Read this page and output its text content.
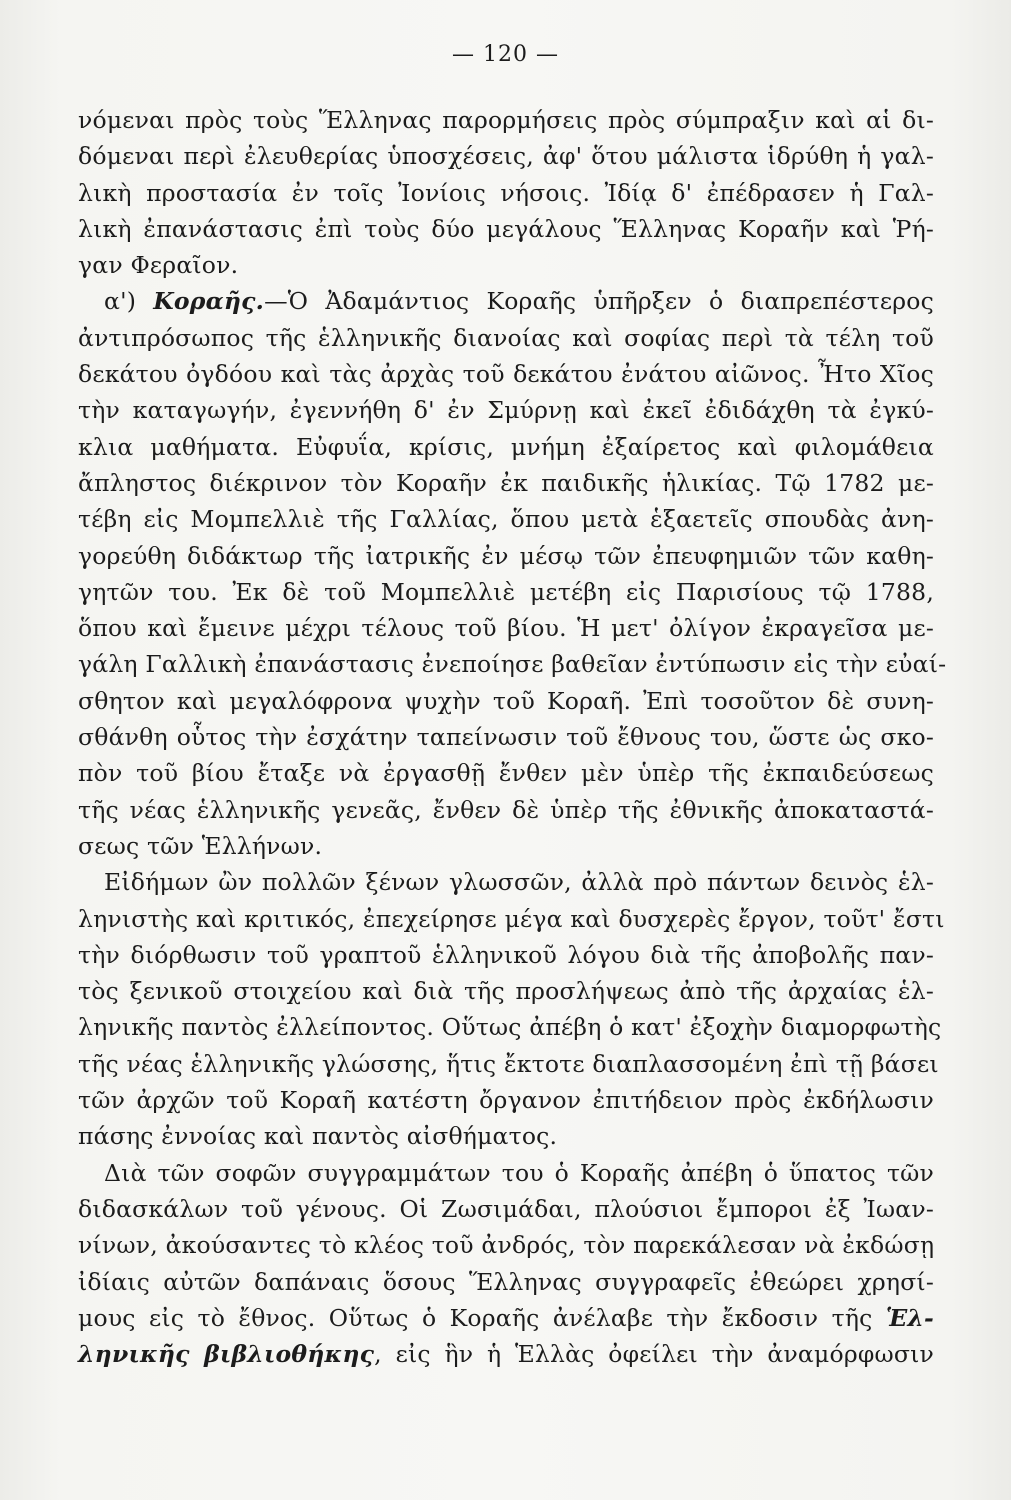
— 120 —
νόμεναι πρὸς τοὺς Ἕλληνας παρορμήσεις πρὸς σύμπραξιν καὶ αἱ δι-
δόμεναι περὶ ἐλευθερίας ὑποσχέσεις, ἀφ' ὅτου μάλιστα ἱδρύθη ἡ γαλ-
λικὴ προστασία ἐν τοῖς Ἰονίοις νήσοις. Ἰδίᾳ δ' ἐπέδρασεν ἡ Γαλ-
λικὴ ἐπανάστασις ἐπὶ τοὺς δύο μεγάλους Ἕλληνας Κοραῆν καὶ Ῥή-
γαν Φεραῖον.
α') Κοραῆς.—Ὁ Ἀδαμάντιος Κοραῆς ὑπῆρξεν ὁ διαπρεπέστερος
ἀντιπρόσωπος τῆς ἑλληνικῆς διανοίας καὶ σοφίας περὶ τὰ τέλη τοῦ
δεκάτου ὀγδόου καὶ τὰς ἀρχὰς τοῦ δεκάτου ἐνάτου αἰῶνος. Ἦτο Χῖος
τὴν καταγωγήν, ἐγεννήθη δ' ἐν Σμύρνῃ καὶ ἐκεῖ ἐδιδάχθη τὰ ἐγκύ-
κλια μαθήματα. Εὐφυΐα, κρίσις, μνήμη ἐξαίρετος καὶ φιλομάθεια
ἄπληστος διέκρινον τὸν Κοραῆν ἐκ παιδικῆς ἡλικίας. Τῷ 1782 με-
τέβη εἰς Μομπελλιὲ τῆς Γαλλίας, ὅπου μετὰ ἑξαετεῖς σπουδὰς ἀνη-
γορεύθη διδάκτωρ τῆς ἰατρικῆς ἐν μέσῳ τῶν ἐπευφημιῶν τῶν καθη-
γητῶν του. Ἐκ δὲ τοῦ Μομπελλιὲ μετέβη εἰς Παρισίους τῷ 1788,
ὅπου καὶ ἔμεινε μέχρι τέλους τοῦ βίου. Ἡ μετ' ὀλίγον ἐκραγεῖσα με-
γάλη Γαλλικὴ ἐπανάστασις ἐνεποίησε βαθεῖαν ἐντύπωσιν εἰς τὴν εὐαί-
σθητον καὶ μεγαλόφρονα ψυχὴν τοῦ Κοραῆ. Ἐπὶ τοσοῦτον δὲ συνη-
σθάνθη οὗτος τὴν ἐσχάτην ταπείνωσιν τοῦ ἔθνους του, ὥστε ὡς σκο-
πὸν τοῦ βίου ἔταξε νὰ ἐργασθῇ ἔνθεν μὲν ὑπὲρ τῆς ἐκπαιδεύσεως
τῆς νέας ἑλληνικῆς γενεᾶς, ἔνθεν δὲ ὑπὲρ τῆς ἐθνικῆς ἀποκαταστά-
σεως τῶν Ἑλλήνων.
Εἰδήμων ὢν πολλῶν ξένων γλωσσῶν, ἀλλὰ πρὸ πάντων δεινὸς ἑλ-
ληνιστὴς καὶ κριτικός, ἐπεχείρησε μέγα καὶ δυσχερὲς ἔργον, τοῦτ' ἔστι
τὴν διόρθωσιν τοῦ γραπτοῦ ἑλληνικοῦ λόγου διὰ τῆς ἀποβολῆς παν-
τὸς ξενικοῦ στοιχείου καὶ διὰ τῆς προσλήψεως ἀπὸ τῆς ἀρχαίας ἑλ-
ληνικῆς παντὸς ἐλλείποντος. Οὕτως ἀπέβη ὁ κατ' ἐξοχὴν διαμορφωτὴς
τῆς νέας ἑλληνικῆς γλώσσης, ἥτις ἔκτοτε διαπλασσομένη ἐπὶ τῇ βάσει
τῶν ἀρχῶν τοῦ Κοραῆ κατέστη ὄργανον ἐπιτήδειον πρὸς ἐκδήλωσιν
πάσης ἐννοίας καὶ παντὸς αἰσθήματος.
Διὰ τῶν σοφῶν συγγραμμάτων του ὁ Κοραῆς ἀπέβη ὁ ὕπατος τῶν
διδασκάλων τοῦ γένους. Οἱ Ζωσιμάδαι, πλούσιοι ἔμποροι ἐξ Ἰωαν-
νίνων, ἀκούσαντες τὸ κλέος τοῦ ἀνδρός, τὸν παρεκάλεσαν νὰ ἐκδώσῃ
ἰδίαις αὐτῶν δαπάναις ὅσους Ἕλληνας συγγραφεῖς ἐθεώρει χρησί-
μους εἰς τὸ ἔθνος. Οὕτως ὁ Κοραῆς ἀνέλαβε τὴν ἔκδοσιν τῆς Ἑλ-
ληνικῆς βιβλιοθήκης, εἰς ἣν ἡ Ἑλλὰς ὀφείλει τὴν ἀναμόρφωσιν
